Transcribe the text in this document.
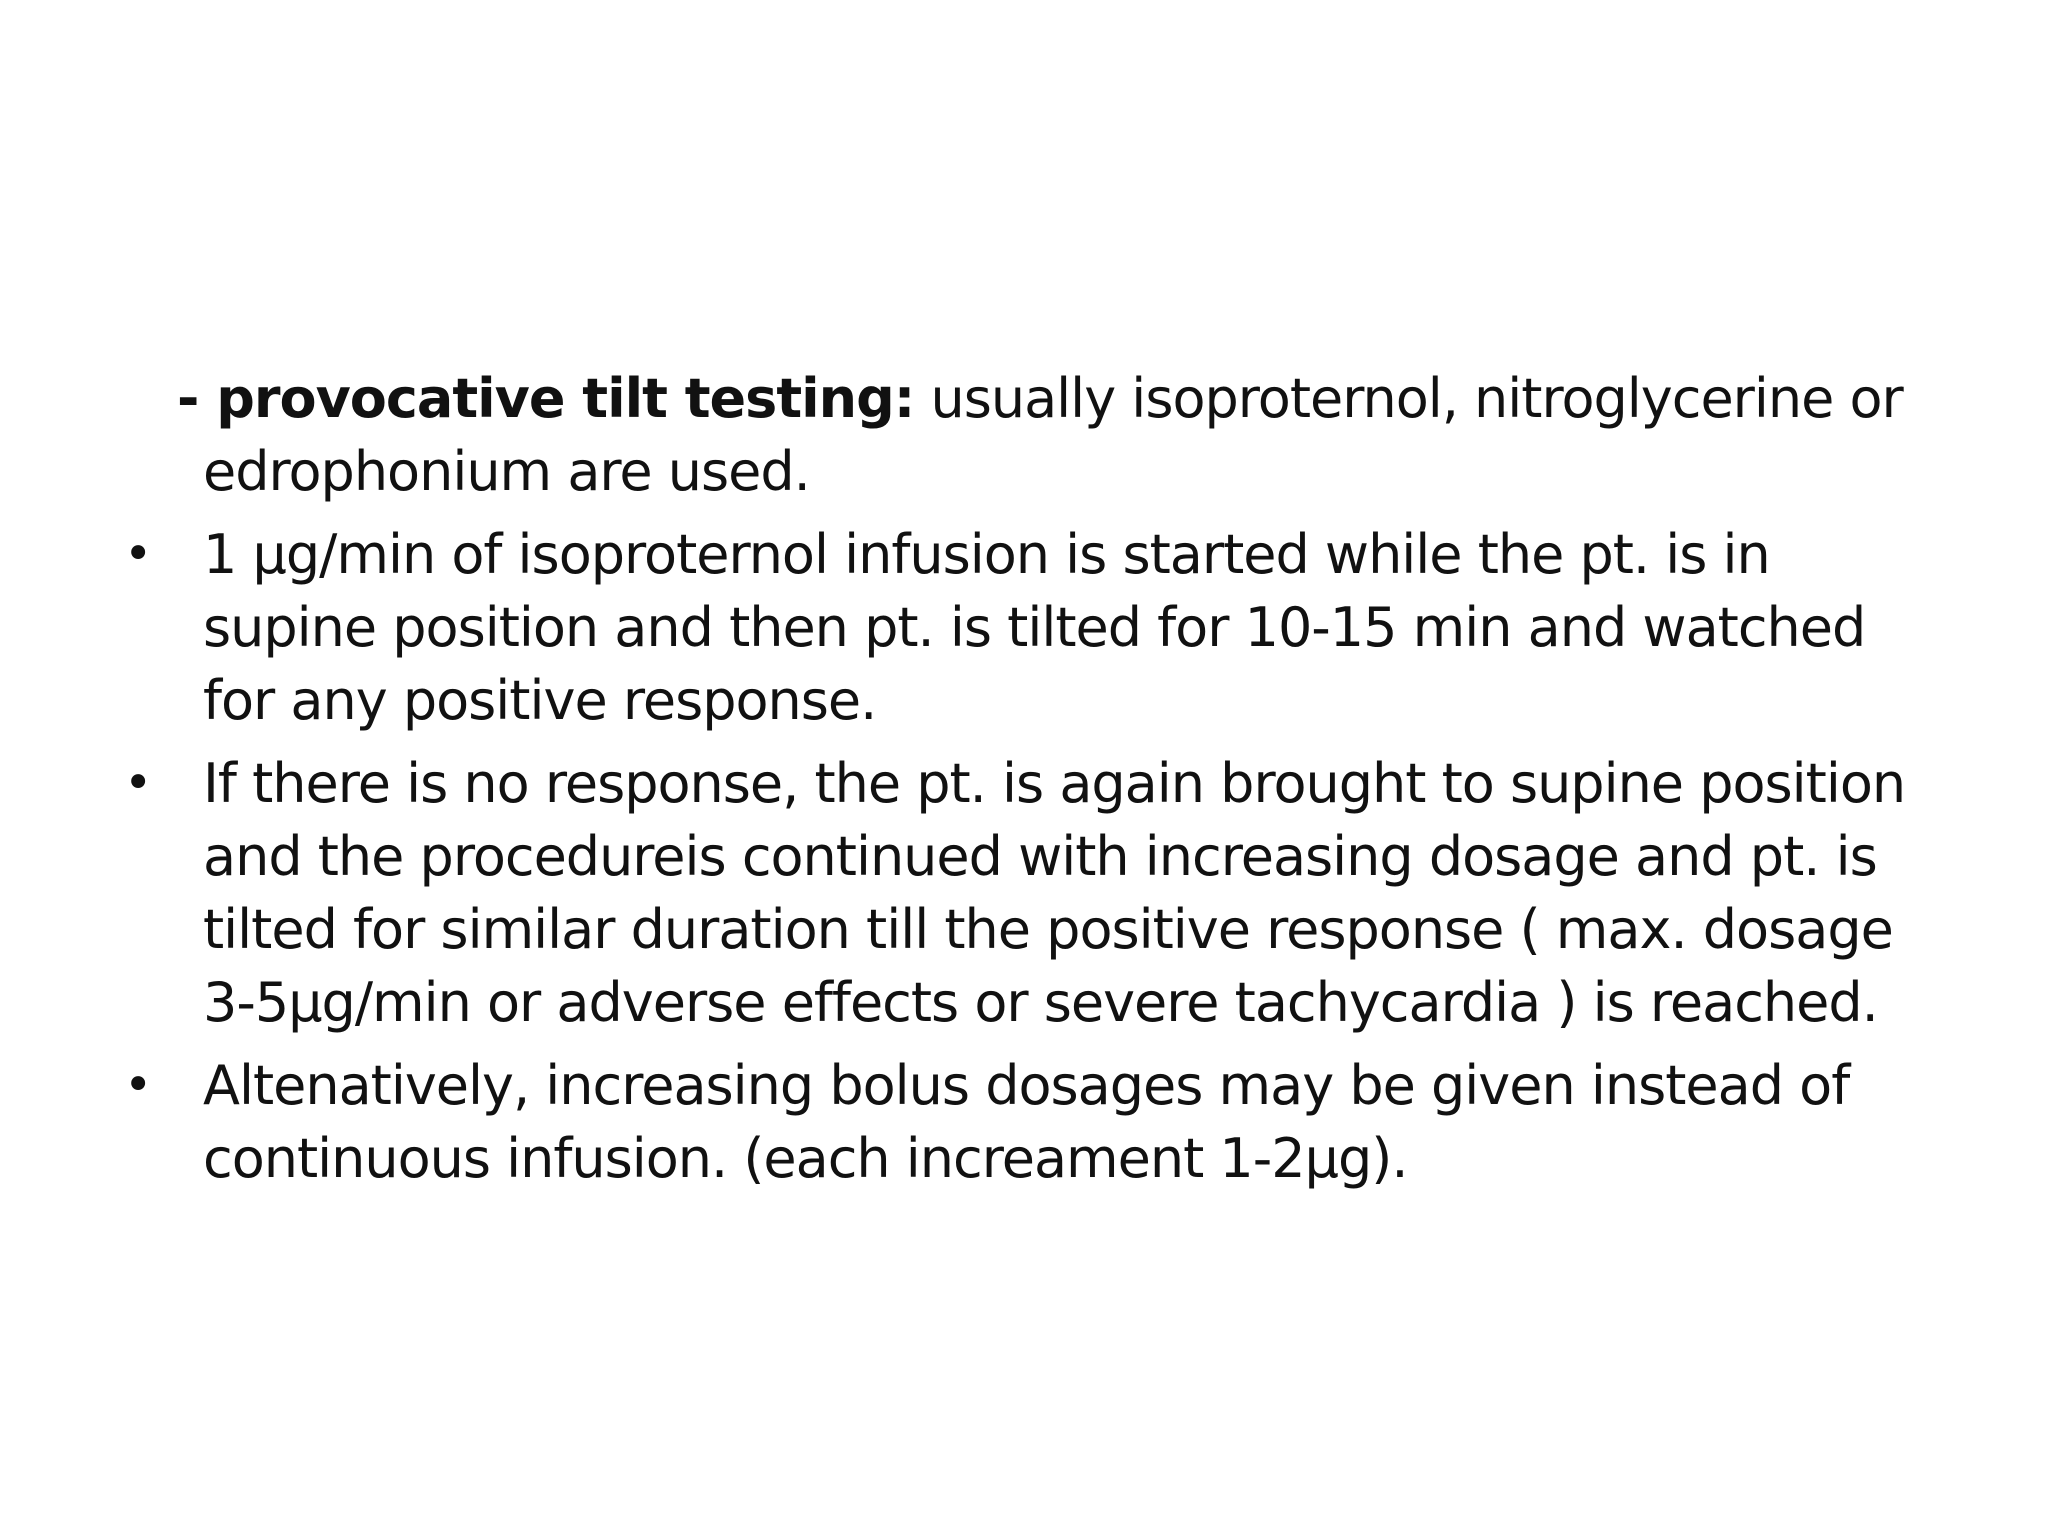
- provocative tilt testing: usually isoproternol, nitroglycerine or edrophonium are used.

• 1 µg/min of isoproternol infusion is started while the pt. is in supine position and then pt. is tilted for 10-15 min and watched for any positive response.
• If there is no response, the pt. is again brought to supine position and the procedureis continued with increasing dosage and pt. is tilted for similar duration till the positive response ( max. dosage 3-5µg/min or adverse effects or severe tachycardia ) is reached.
• Altenatively, increasing bolus dosages may be given instead of continuous infusion. (each increament 1-2µg).
